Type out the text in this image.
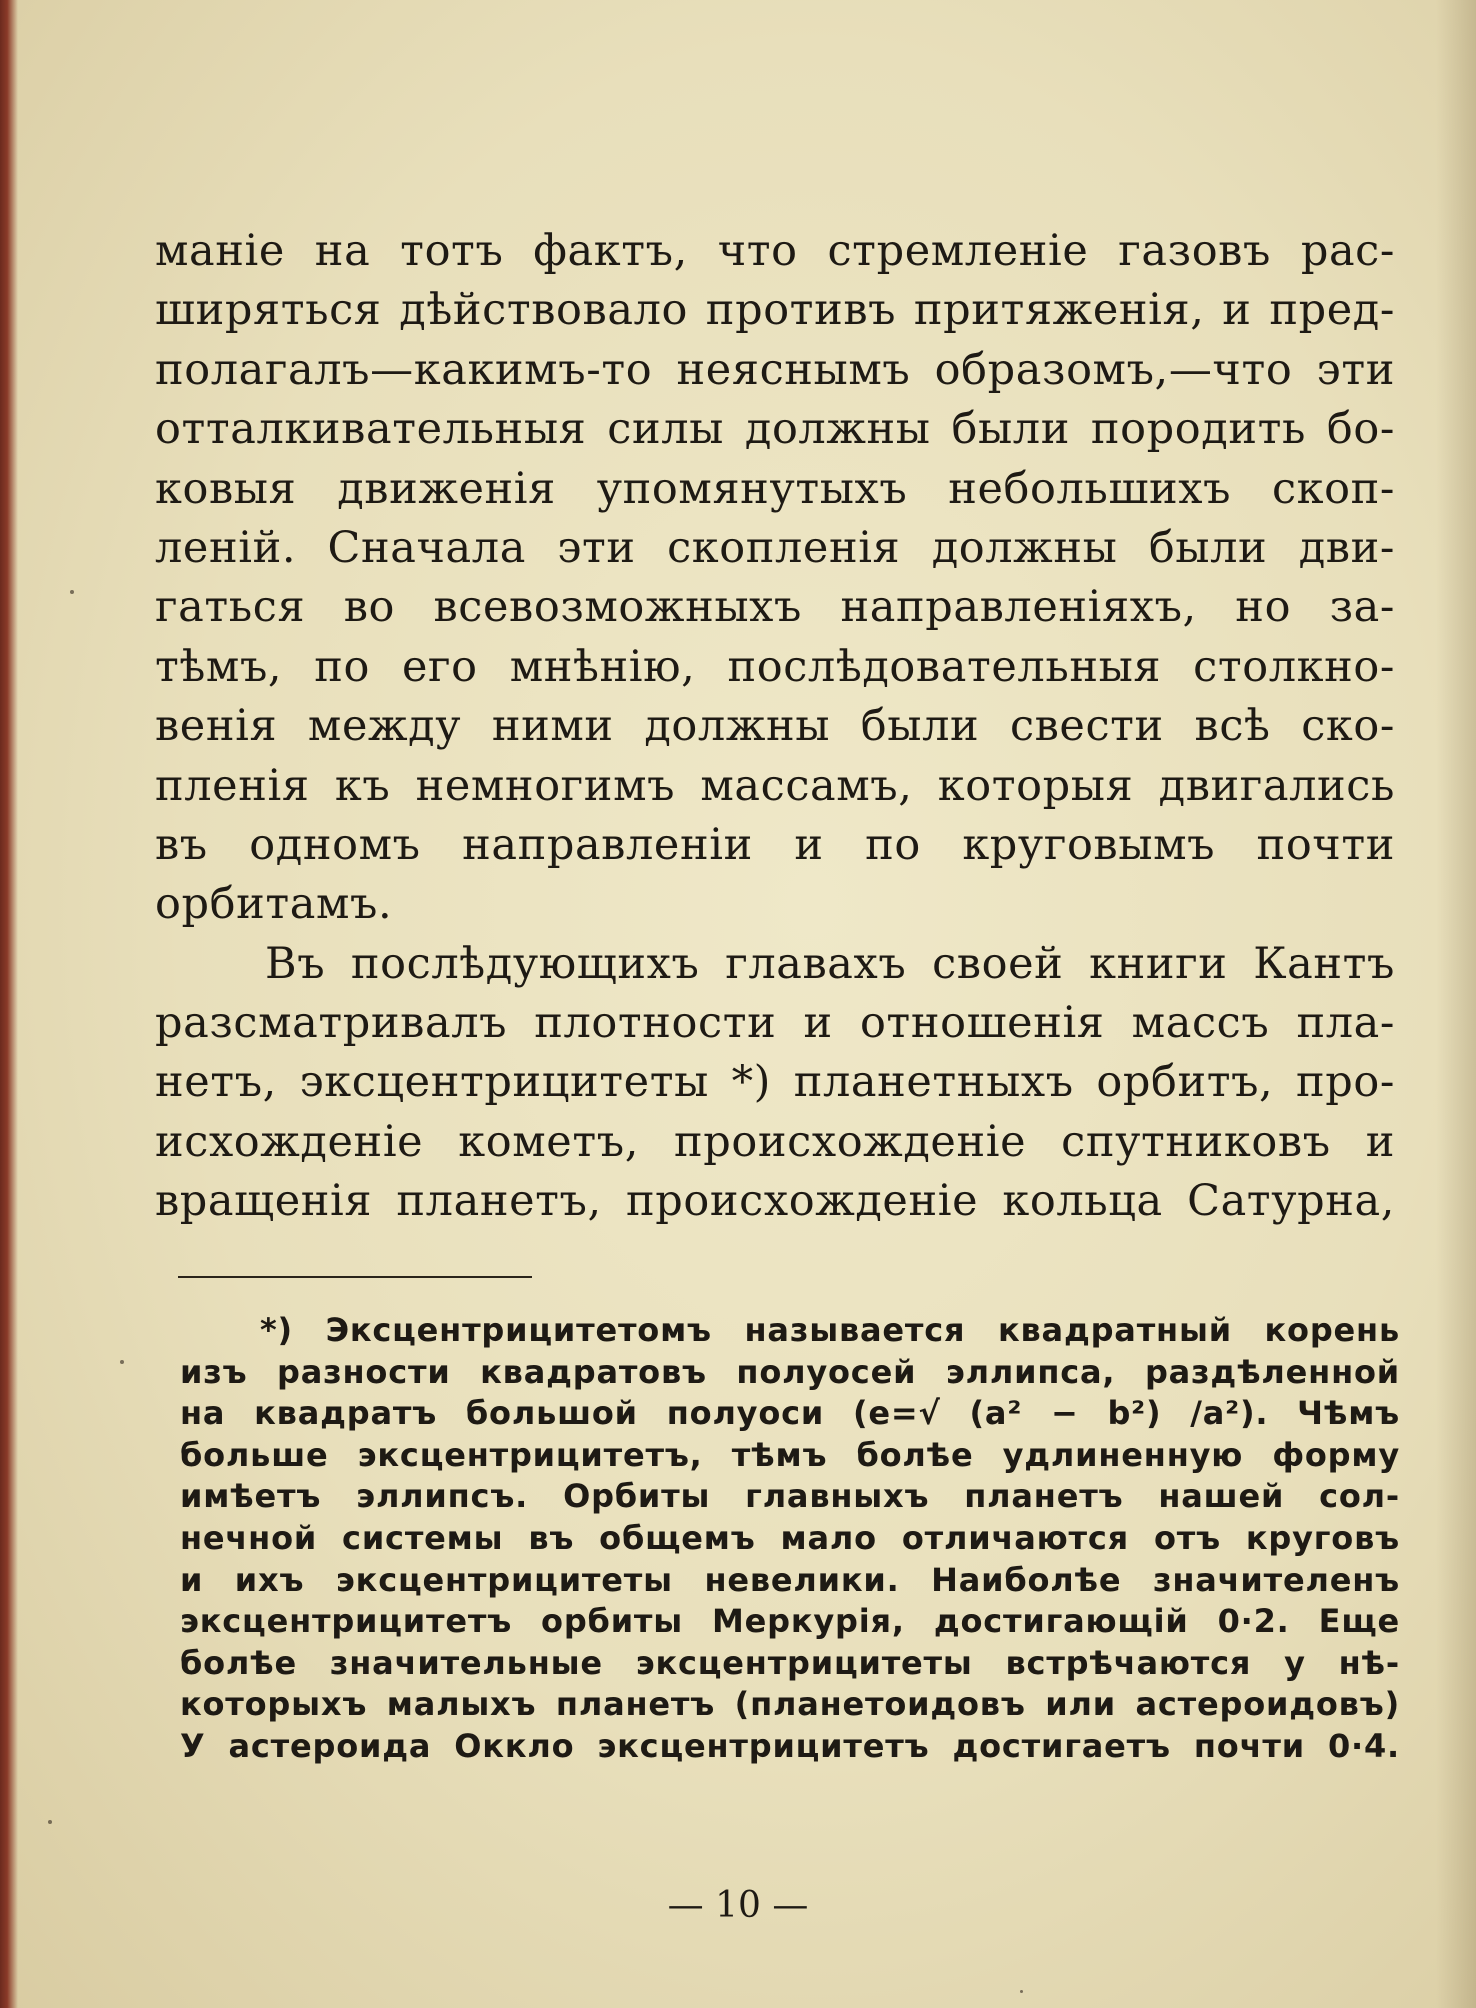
маніе на тотъ фактъ, что стремленіе газовъ рас-
ширяться дѣйствовало противъ притяженія, и пред-
полагалъ—какимъ-то неяснымъ образомъ,—что эти
отталкивательныя силы должны были породить бо-
ковыя движенія упомянутыхъ небольшихъ скоп-
леній. Сначала эти скопленія должны были дви-
гаться во всевозможныхъ направленіяхъ, но за-
тѣмъ, по его мнѣнію, послѣдовательныя столкно-
венія между ними должны были свести всѣ ско-
пленія къ немногимъ массамъ, которыя двигались
въ одномъ направленіи и по круговымъ почти
орбитамъ.
Въ послѣдующихъ главахъ своей книги Кантъ
разсматривалъ плотности и отношенія массъ пла-
нетъ, эксцентрицитеты *) планетныхъ орбитъ, про-
исхожденіе кометъ, происхожденіе спутниковъ и
вращенія планетъ, происхожденіе кольца Сатурна,
*) Эксцентрицитетомъ называется квадратный корень
изъ разности квадратовъ полуосей эллипса, раздѣленной
на квадратъ большой полуоси (e=√ (a² − b²) /a²). Чѣмъ
больше эксцентрицитетъ, тѣмъ болѣе удлиненную форму
имѣетъ эллипсъ. Орбиты главныхъ планетъ нашей сол-
нечной системы въ общемъ мало отличаются отъ круговъ
и ихъ эксцентрицитеты невелики. Наиболѣе значителенъ
эксцентрицитетъ орбиты Меркурія, достигающій 0·2. Еще
болѣе значительные эксцентрицитеты встрѣчаются у нѣ-
которыхъ малыхъ планетъ (планетоидовъ или астероидовъ)
У астероида Оккло эксцентрицитетъ достигаетъ почти 0·4.
— 10 —
